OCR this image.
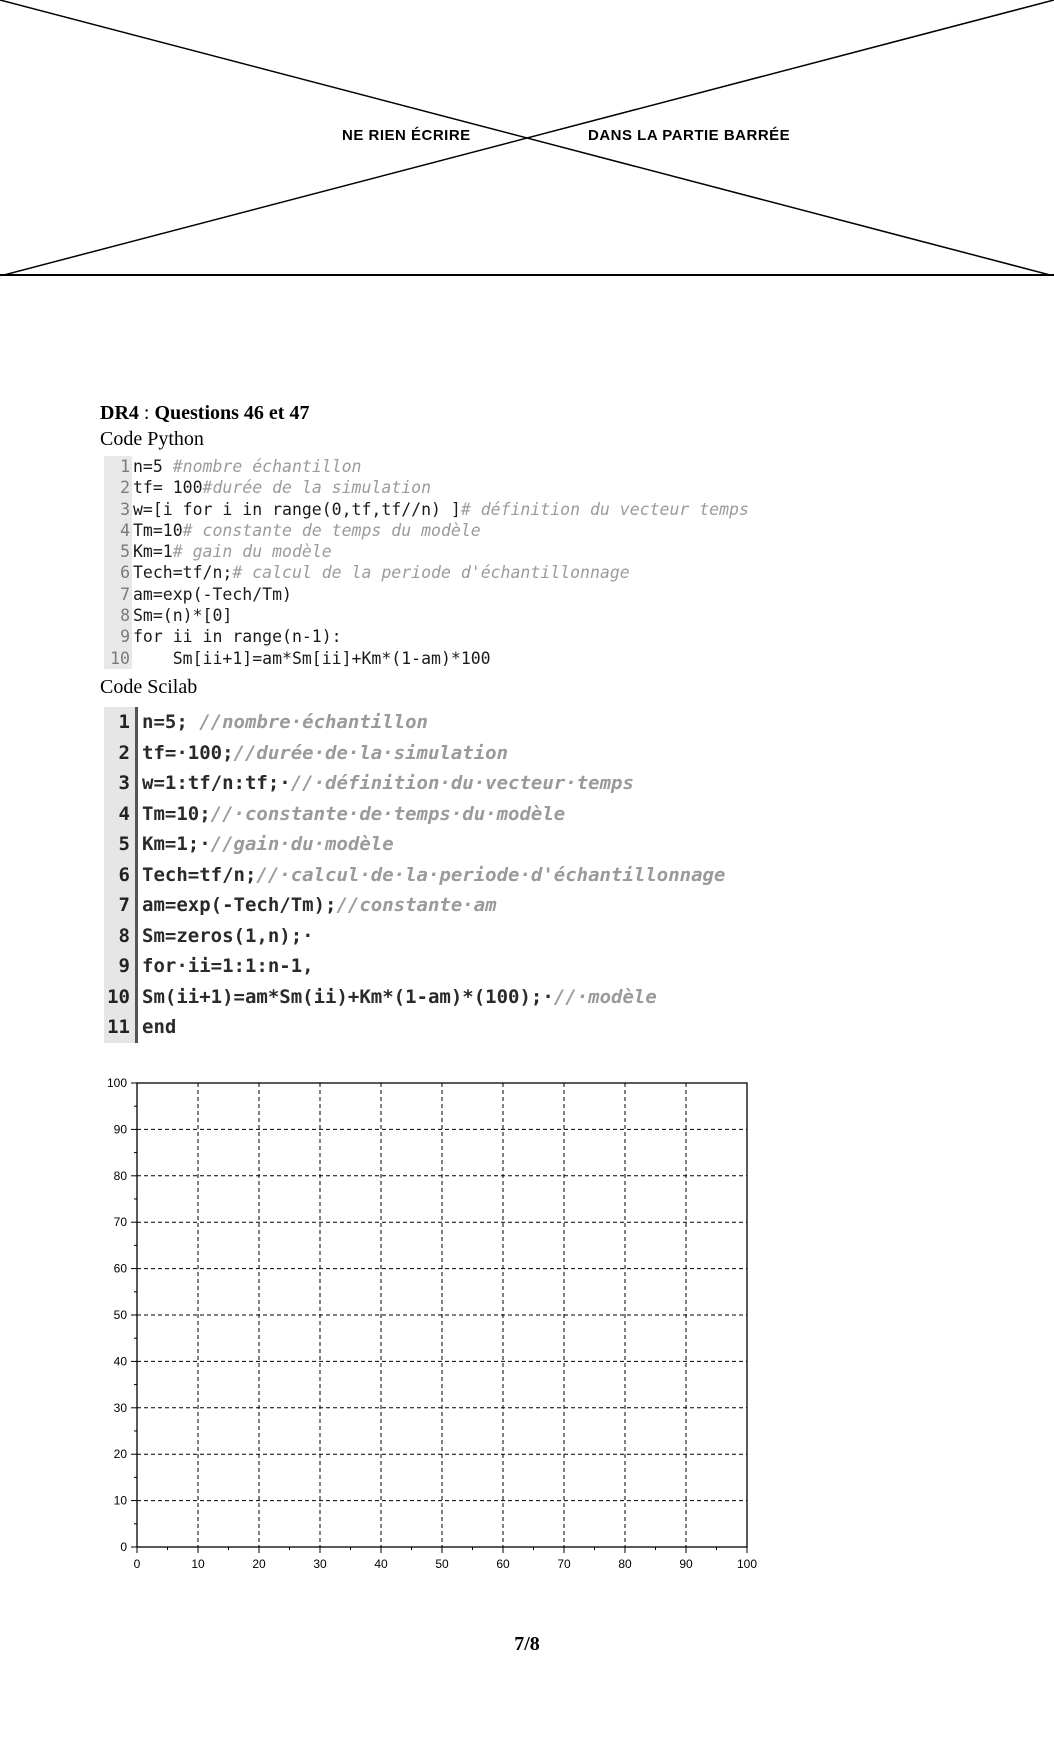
NE RIEN ÉCRIRE	DANS LA PARTIE BARRÉE
DR4 : Questions 46 et 47
Code Python
1 n=5 #nombre échantillon
2 tf= 100#durée de la simulation
3 w=[i for i in range(0,tf,tf//n) ]# définition du vecteur temps
4 Tm=10# constante de temps du modèle
5 Km=1# gain du modèle
6 Tech=tf/n;# calcul de la periode d'échantillonnage
7 am=exp(-Tech/Tm)
8 Sm=(n)*[0]
9 for ii in range(n-1):
10 Sm[ii+1]=am*Sm[ii]+Km*(1-am)*100
Code Scilab
1 n=5; //nombre·échantillon
2 tf=·100;//durée·de·la·simulation
3 w=1:tf/n:tf;·//·définition·du·vecteur·temps
4 Tm=10;//·constante·de·temps·du·modèle
5 Km=1;·//gain·du·modèle
6 Tech=tf/n;//·calcul·de·la·periode·d'échantillonnage
7 am=exp(-Tech/Tm);//constante·am
8 Sm=zeros(1,n);·
9 for·ii=1:1:n-1,
10 Sm(ii+1)=am*Sm(ii)+Km*(1-am)*(100);·//·modèle
11 end
0	10	20	30	40	50	60	70	80	90	100
0
10
20
30
40
50
60
70
80
90
100
7/8
